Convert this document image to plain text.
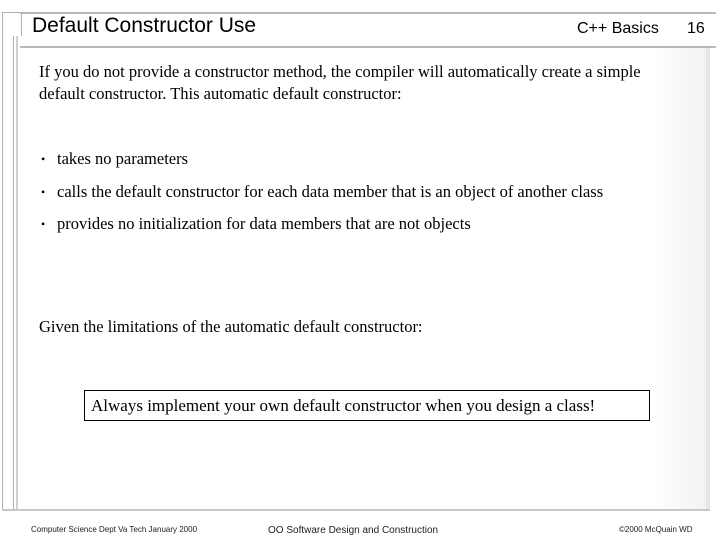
Default Constructor Use	C++ Basics 16
If you do not provide a constructor method, the compiler will automatically create a simple default constructor. This automatic default constructor:
• takes no parameters
• calls the default constructor for each data member that is an object of another class
• provides no initialization for data members that are not objects
Given the limitations of the automatic default constructor:
Always implement your own default constructor when you design a class!
Computer Science Dept Va Tech January 2000	OO Software Design and Construction	©2000 McQuain WD
